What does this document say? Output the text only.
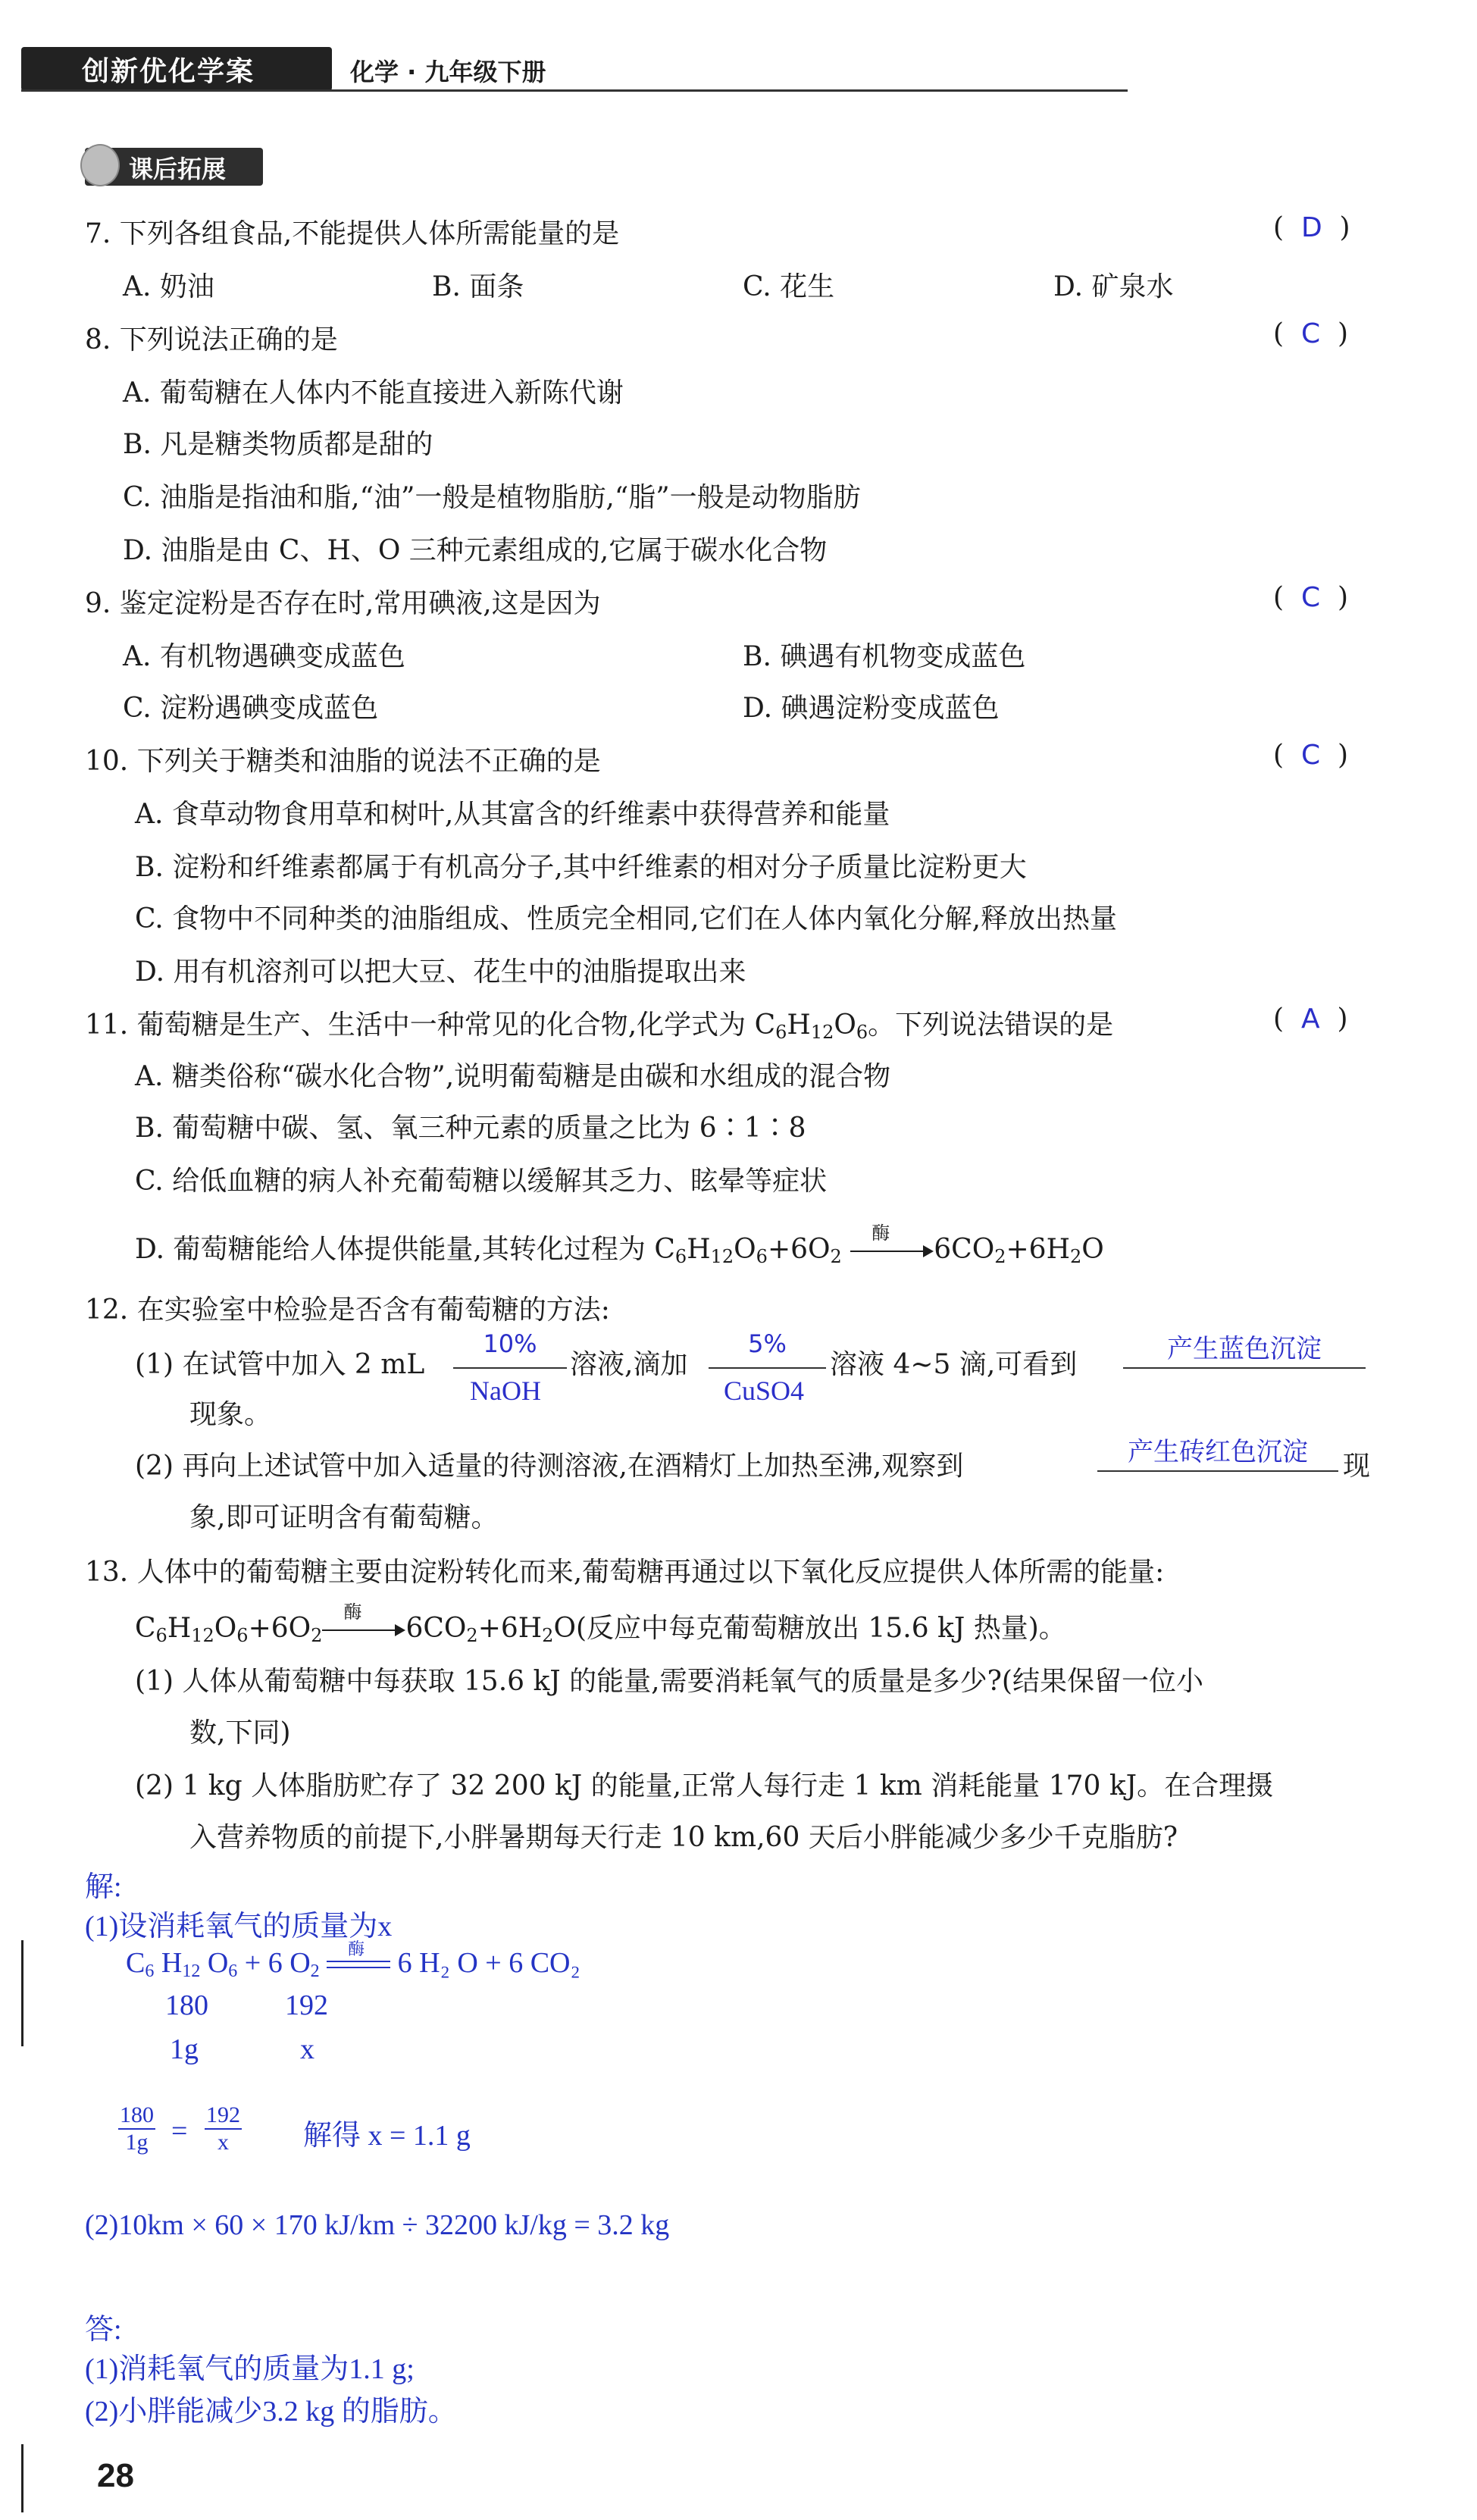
创新优化学案	化学 · 九年级下册
课后拓展
7. 下列各组食品,不能提供人体所需能量的是	(  D  )
A. 奶油	B. 面条	C. 花生	D. 矿泉水
8. 下列说法正确的是	(  C  )
A. 葡萄糖在人体内不能直接进入新陈代谢
B. 凡是糖类物质都是甜的
C. 油脂是指油和脂,“油”一般是植物脂肪,“脂”一般是动物脂肪
D. 油脂是由 C、H、O 三种元素组成的,它属于碳水化合物
9. 鉴定淀粉是否存在时,常用碘液,这是因为	(  C  )
A. 有机物遇碘变成蓝色	B. 碘遇有机物变成蓝色
C. 淀粉遇碘变成蓝色	D. 碘遇淀粉变成蓝色
10. 下列关于糖类和油脂的说法不正确的是	(  C  )
A. 食草动物食用草和树叶,从其富含的纤维素中获得营养和能量
B. 淀粉和纤维素都属于有机高分子,其中纤维素的相对分子质量比淀粉更大
C. 食物中不同种类的油脂组成、性质完全相同,它们在人体内氧化分解,释放出热量
D. 用有机溶剂可以把大豆、花生中的油脂提取出来
11. 葡萄糖是生产、生活中一种常见的化合物,化学式为 $C_6H_{12}O_6$。下列说法错误的是	(  A  )
A. 糖类俗称“碳水化合物”,说明葡萄糖是由碳和水组成的混合物
B. 葡萄糖中碳、氢、氧三种元素的质量之比为 6∶1∶8
C. 给低血糖的病人补充葡萄糖以缓解其乏力、眩晕等症状
D. 葡萄糖能给人体提供能量,其转化过程为 $C_6H_{12}O_6+6O_2$
酶
$6CO_2+6H_2O$
12. 在实验室中检验是否含有葡萄糖的方法:
(1) 在试管中加入 2 mL
10%
NaOH
溶液,滴加
5%
CuSO4
溶液 4~5 滴,可看到	产生蓝色沉淀
现象。
(2) 再向上述试管中加入适量的待测溶液,在酒精灯上加热至沸,观察到	产生砖红色沉淀	现
象,即可证明含有葡萄糖。
13. 人体中的葡萄糖主要由淀粉转化而来,葡萄糖再通过以下氧化反应提供人体所需的能量:
$C_6H_{12}O_6+6O_2$
酶
$6CO_2+6H_2O$(反应中每克葡萄糖放出 15.6 kJ 热量)。
(1) 人体从葡萄糖中每获取 15.6 kJ 的能量,需要消耗氧气的质量是多少?(结果保留一位小
数,下同)
(2) 1 kg 人体脂肪贮存了 32 200 kJ 的能量,正常人每行走 1 km 消耗能量 170 kJ。在合理摄
入营养物质的前提下,小胖暑期每天行走 10 km,60 天后小胖能减少多少千克脂肪?
解:
(1)设消耗氧气的质量为x
$C_6$ $H_{12}$ $O_6 + 6$ $O_2$
酶 6 H₂ O + 6 CO₂
180	192
1g	x
$\frac{180}{1g} = \frac{192}{x}$ 解得 x = 1.1 g
(2)10km × 60 × 170 kJ/km ÷ 32200 kJ/kg = 3.2 kg
答:
(1)消耗氧气的质量为1.1 g;
(2)小胖能减少3.2 kg 的脂肪。
28
